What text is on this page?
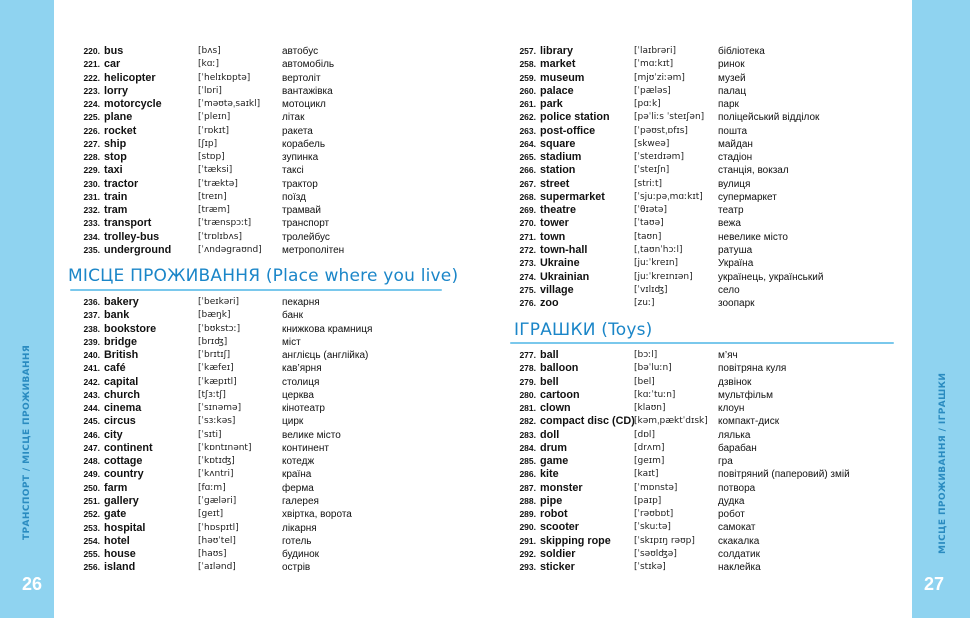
ТРАНСПОРТ / МІСЦЕ ПРОЖИВАННЯ	МІСЦЕ ПРОЖИВАННЯ / ІГРАШКИ
26	27
220. bus	[bʌs]	автобус
221. car	[kɑː]	автомобіль
222. helicopter	[ˈhelɪkɒptə]	вертоліт
223. lorry	[ˈlɒri]	вантажівка
224. motorcycle	[ˈməʊtəˌsaɪkl] мотоцикл
225. plane	[ˈpleɪn]	літак
226. rocket	[ˈrɒkɪt]	ракета
227. ship	[ʃɪp]	корабель
228. stop	[stɒp]	зупинка
229. taxi	[ˈtæksi]	таксі
230. tractor	[ˈtræktə]	трактор
231. train	[treɪn]	поїзд
232. tram	[træm]	трамвай
233. transport	[ˈtrænspɔːt]	транспорт
234. trolley-bus	[ˈtrɒlɪbʌs]	тролейбус
235. underground	[ˈʌndəgraʊnd] метрополітен
МІСЦЕ ПРОЖИВАННЯ (Place where you live)
236. bakery	[ˈbeɪkəri]	пекарня
237. bank	[bæŋk]	банк
238. bookstore	[ˈbʊkstɔː]	книжкова крамниця
239. bridge	[brɪʤ]	міст
240. British	[ˈbrɪtɪʃ]	англієць (англійка)
241. café	[ˈkæfeɪ]	кав’ярня
242. capital	[ˈkæpɪtl]	столиця
243. church	[tʃɜːtʃ]	церква
244. cinema	[ˈsɪnəmə]	кінотеатр
245. circus	[ˈsɜːkəs]	цирк
246. city	[ˈsɪti]	велике місто
247. continent	[ˈkɒntɪnənt]	континент
248. cottage	[ˈkɒtɪʤ]	котедж
249. country	[ˈkʌntri]	країна
250. farm	[fɑːm]	ферма
251. gallery	[ˈgæləri]	галерея
252. gate	[geɪt]	хвіртка, ворота
253. hospital	[ˈhɒspɪtl]	лікарня
254. hotel	[həʊˈtel]	готель
255. house	[haʊs]	будинок
256. island	[ˈaɪlənd]	острів
257. library	[ˈlaɪbrəri]	бібліотека
258. market	[ˈmɑːkɪt]	ринок
259. museum	[mjʊˈziːəm]	музей
260. palace	[ˈpæləs]	палац
261. park	[pɑːk]	парк
262. police station	[pəˈliːs ˈsteɪʃən] поліцейський відділок
263. post-office	[ˈpəʊstˌɒfɪs]	пошта
264. square	[skweə]	майдан
265. stadium	[ˈsteɪdɪəm]	стадіон
266. station	[ˈsteɪʃn]	станція, вокзал
267. street	[striːt]	вулиця
268. supermarket	[ˈsjuːpəˌmɑːkɪt] супермаркет
269. theatre	[ˈθɪətə]	театр
270. tower	[ˈtaʊə]	вежа
271. town	[taʊn]	невелике місто
272. town-hall	[ˌtaʊnˈhɔːl]	ратуша
273. Ukraine	[juːˈkreɪn]	Україна
274. Ukrainian	[juːˈkreɪnɪən]	українець, український
275. village	[ˈvɪlɪʤ]	село
276. zoo	[zuː]	зоопарк
ІГРАШКИ (Toys)
277. ball	[bɔːl]	м’яч
278. balloon	[bəˈluːn]	повітряна куля
279. bell	[bel]	дзвінок
280. cartoon	[kɑːˈtuːn]	мультфільм
281. clown	[klaʊn]	клоун
282. compact disc (CD) [kəmˌpæktˈdɪsk] компакт-диск
283. doll	[dɒl]	лялька
284. drum	[drʌm]	барабан
285. game	[geɪm]	гра
286. kite	[kaɪt]	повітряний (паперовий) змій
287. monster	[ˈmɒnstə]	потвора
288. pipe	[paɪp]	дудка
289. robot	[ˈrəʊbɒt]	робот
290. scooter	[ˈskuːtə]	самокат
291. skipping rope	[ˈskɪpɪŋ rəʊp] скакалка
292. soldier	[ˈsəʊlʤə]	солдатик
293. sticker	[ˈstɪkə]	наклейка
